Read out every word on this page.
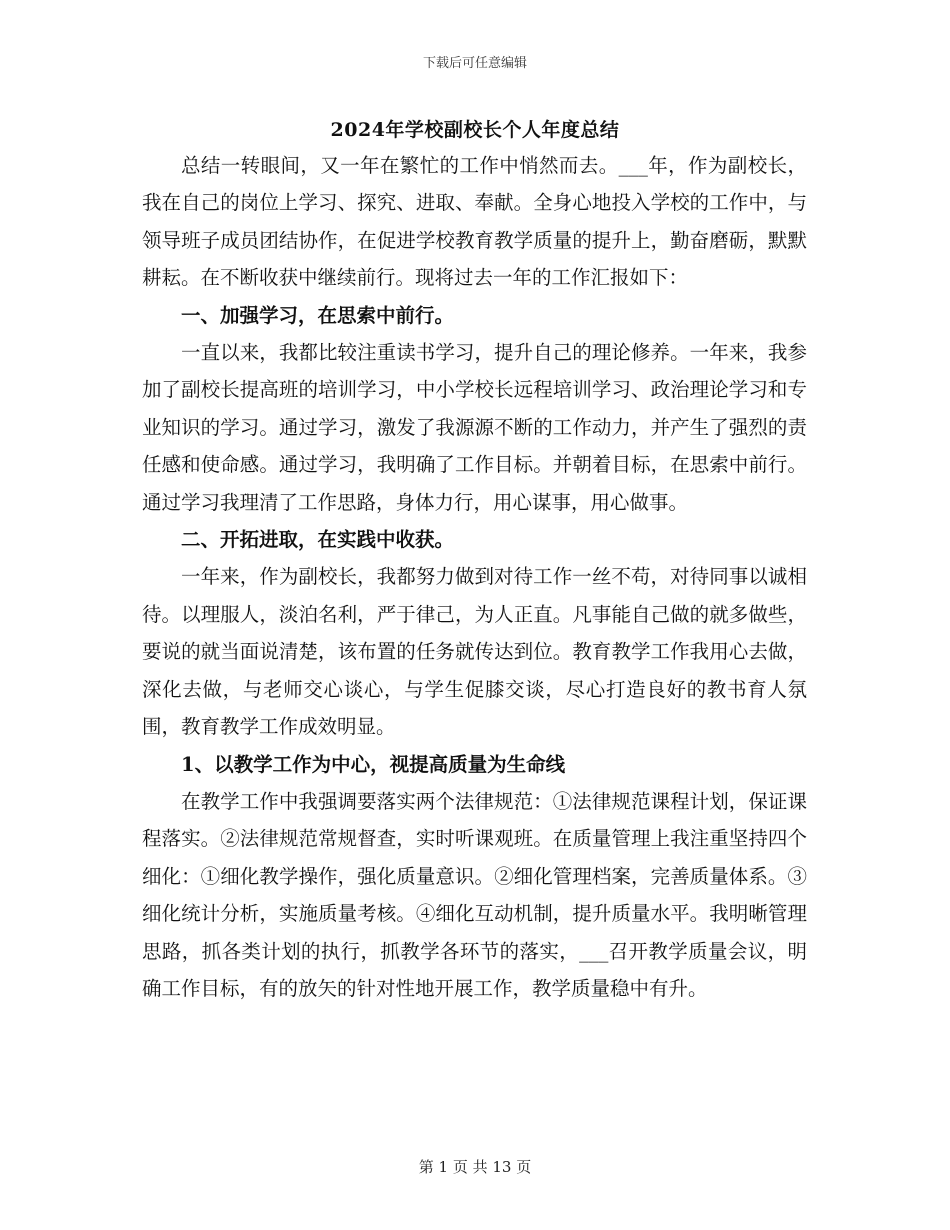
下载后可任意编辑
2024年学校副校长个人年度总结

总结一转眼间，又一年在繁忙的工作中悄然而去。___年，作为副校长，我在自己的岗位上学习、探究、进取、奉献。全身心地投入学校的工作中，与领导班子成员团结协作，在促进学校教育教学质量的提升上，勤奋磨砺，默默耕耘。在不断收获中继续前行。现将过去一年的工作汇报如下：

一、加强学习，在思索中前行。

一直以来，我都比较注重读书学习，提升自己的理论修养。一年来，我参加了副校长提高班的培训学习，中小学校长远程培训学习、政治理论学习和专业知识的学习。通过学习，激发了我源源不断的工作动力，并产生了强烈的责任感和使命感。通过学习，我明确了工作目标。并朝着目标，在思索中前行。通过学习我理清了工作思路，身体力行，用心谋事，用心做事。

二、开拓进取，在实践中收获。

一年来，作为副校长，我都努力做到对待工作一丝不苟，对待同事以诚相待。以理服人，淡泊名利，严于律己，为人正直。凡事能自己做的就多做些，要说的就当面说清楚，该布置的任务就传达到位。教育教学工作我用心去做，深化去做，与老师交心谈心，与学生促膝交谈，尽心打造良好的教书育人氛围，教育教学工作成效明显。

1、以教学工作为中心，视提高质量为生命线

在教学工作中我强调要落实两个法律规范：①法律规范课程计划，保证课程落实。②法律规范常规督查，实时听课观班。在质量管理上我注重坚持四个细化：①细化教学操作，强化质量意识。②细化管理档案，完善质量体系。③细化统计分析，实施质量考核。④细化互动机制，提升质量水平。我明晰管理思路，抓各类计划的执行，抓教学各环节的落实，___召开教学质量会议，明确工作目标，有的放矢的针对性地开展工作，教学质量稳中有升。

第 1 页 共 13 页
